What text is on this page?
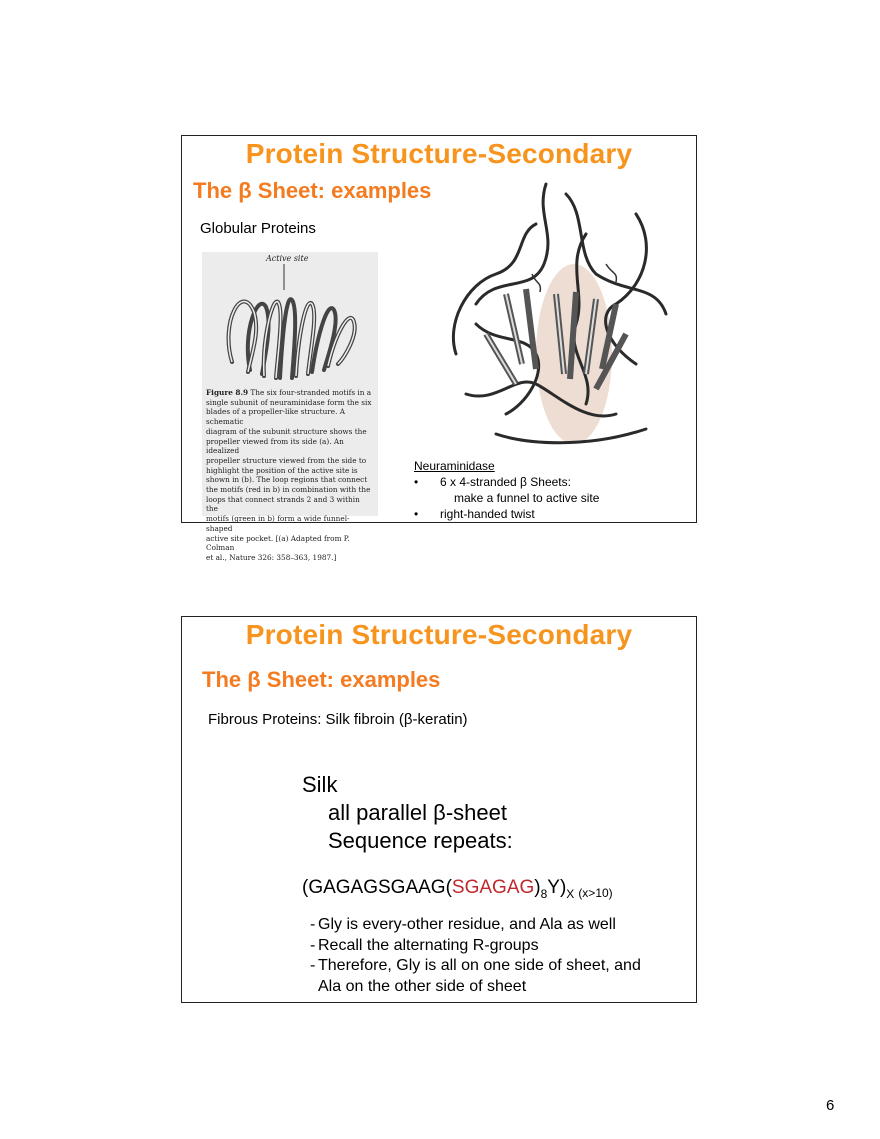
Protein Structure-Secondary
The β Sheet: examples
Globular Proteins
Active site
Figure 8.9 The six four-stranded motifs in a
single subunit of neuraminidase form the six
blades of a propeller-like structure. A schematic
diagram of the subunit structure shows the
propeller viewed from its side (a). An idealized
propeller structure viewed from the side to
highlight the position of the active site is
shown in (b). The loop regions that connect
the motifs (red in b) in combination with the
loops that connect strands 2 and 3 within the
motifs (green in b) form a wide funnel-shaped
active site pocket. [(a) Adapted from P. Colman
et al., Nature 326: 358–363, 1987.]
Neuraminidase
• 6 x 4-stranded β Sheets:
make a funnel to active site
• right-handed twist
Protein Structure-Secondary
The β Sheet: examples
Fibrous Proteins: Silk fibroin (β-keratin)
Silk
all parallel β-sheet
Sequence repeats:
$(GAGAGSGAAG(SGAGAG)_8Y)_X$ $_{(x>10)}$
- Gly is every-other residue, and Ala as well
- Recall the alternating R-groups
- Therefore, Gly is all on one side of sheet, and
Ala on the other side of sheet
6
